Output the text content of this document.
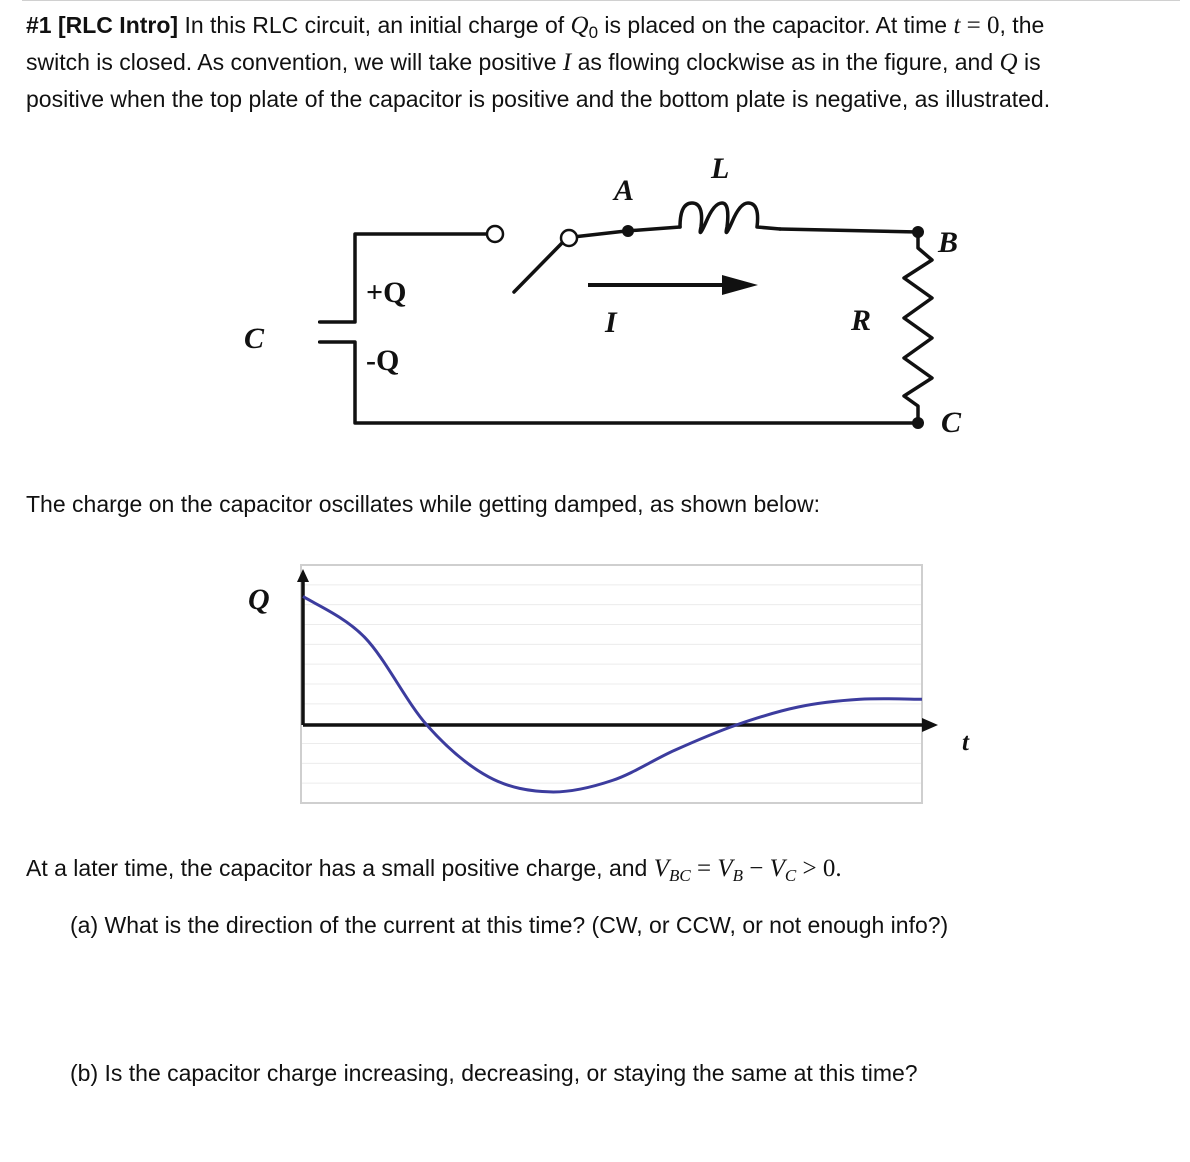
#1 [RLC Intro] In this RLC circuit, an initial charge of $Q_0$ is placed on the capacitor. At time t = 0, the
switch is closed. As convention, we will take positive I as flowing clockwise as in the figure, and Q is
positive when the top plate of the capacitor is positive and the bottom plate is negative, as illustrated.
L
A
B
C
C
+Q
-Q
I	R
The charge on the capacitor oscillates while getting damped, as shown below:
Q
t
At a later time, the capacitor has a small positive charge, and $V_{BC} = V_B - V_C > 0$.
(a) What is the direction of the current at this time? (CW, or CCW, or not enough info?)
(b) Is the capacitor charge increasing, decreasing, or staying the same at this time?
